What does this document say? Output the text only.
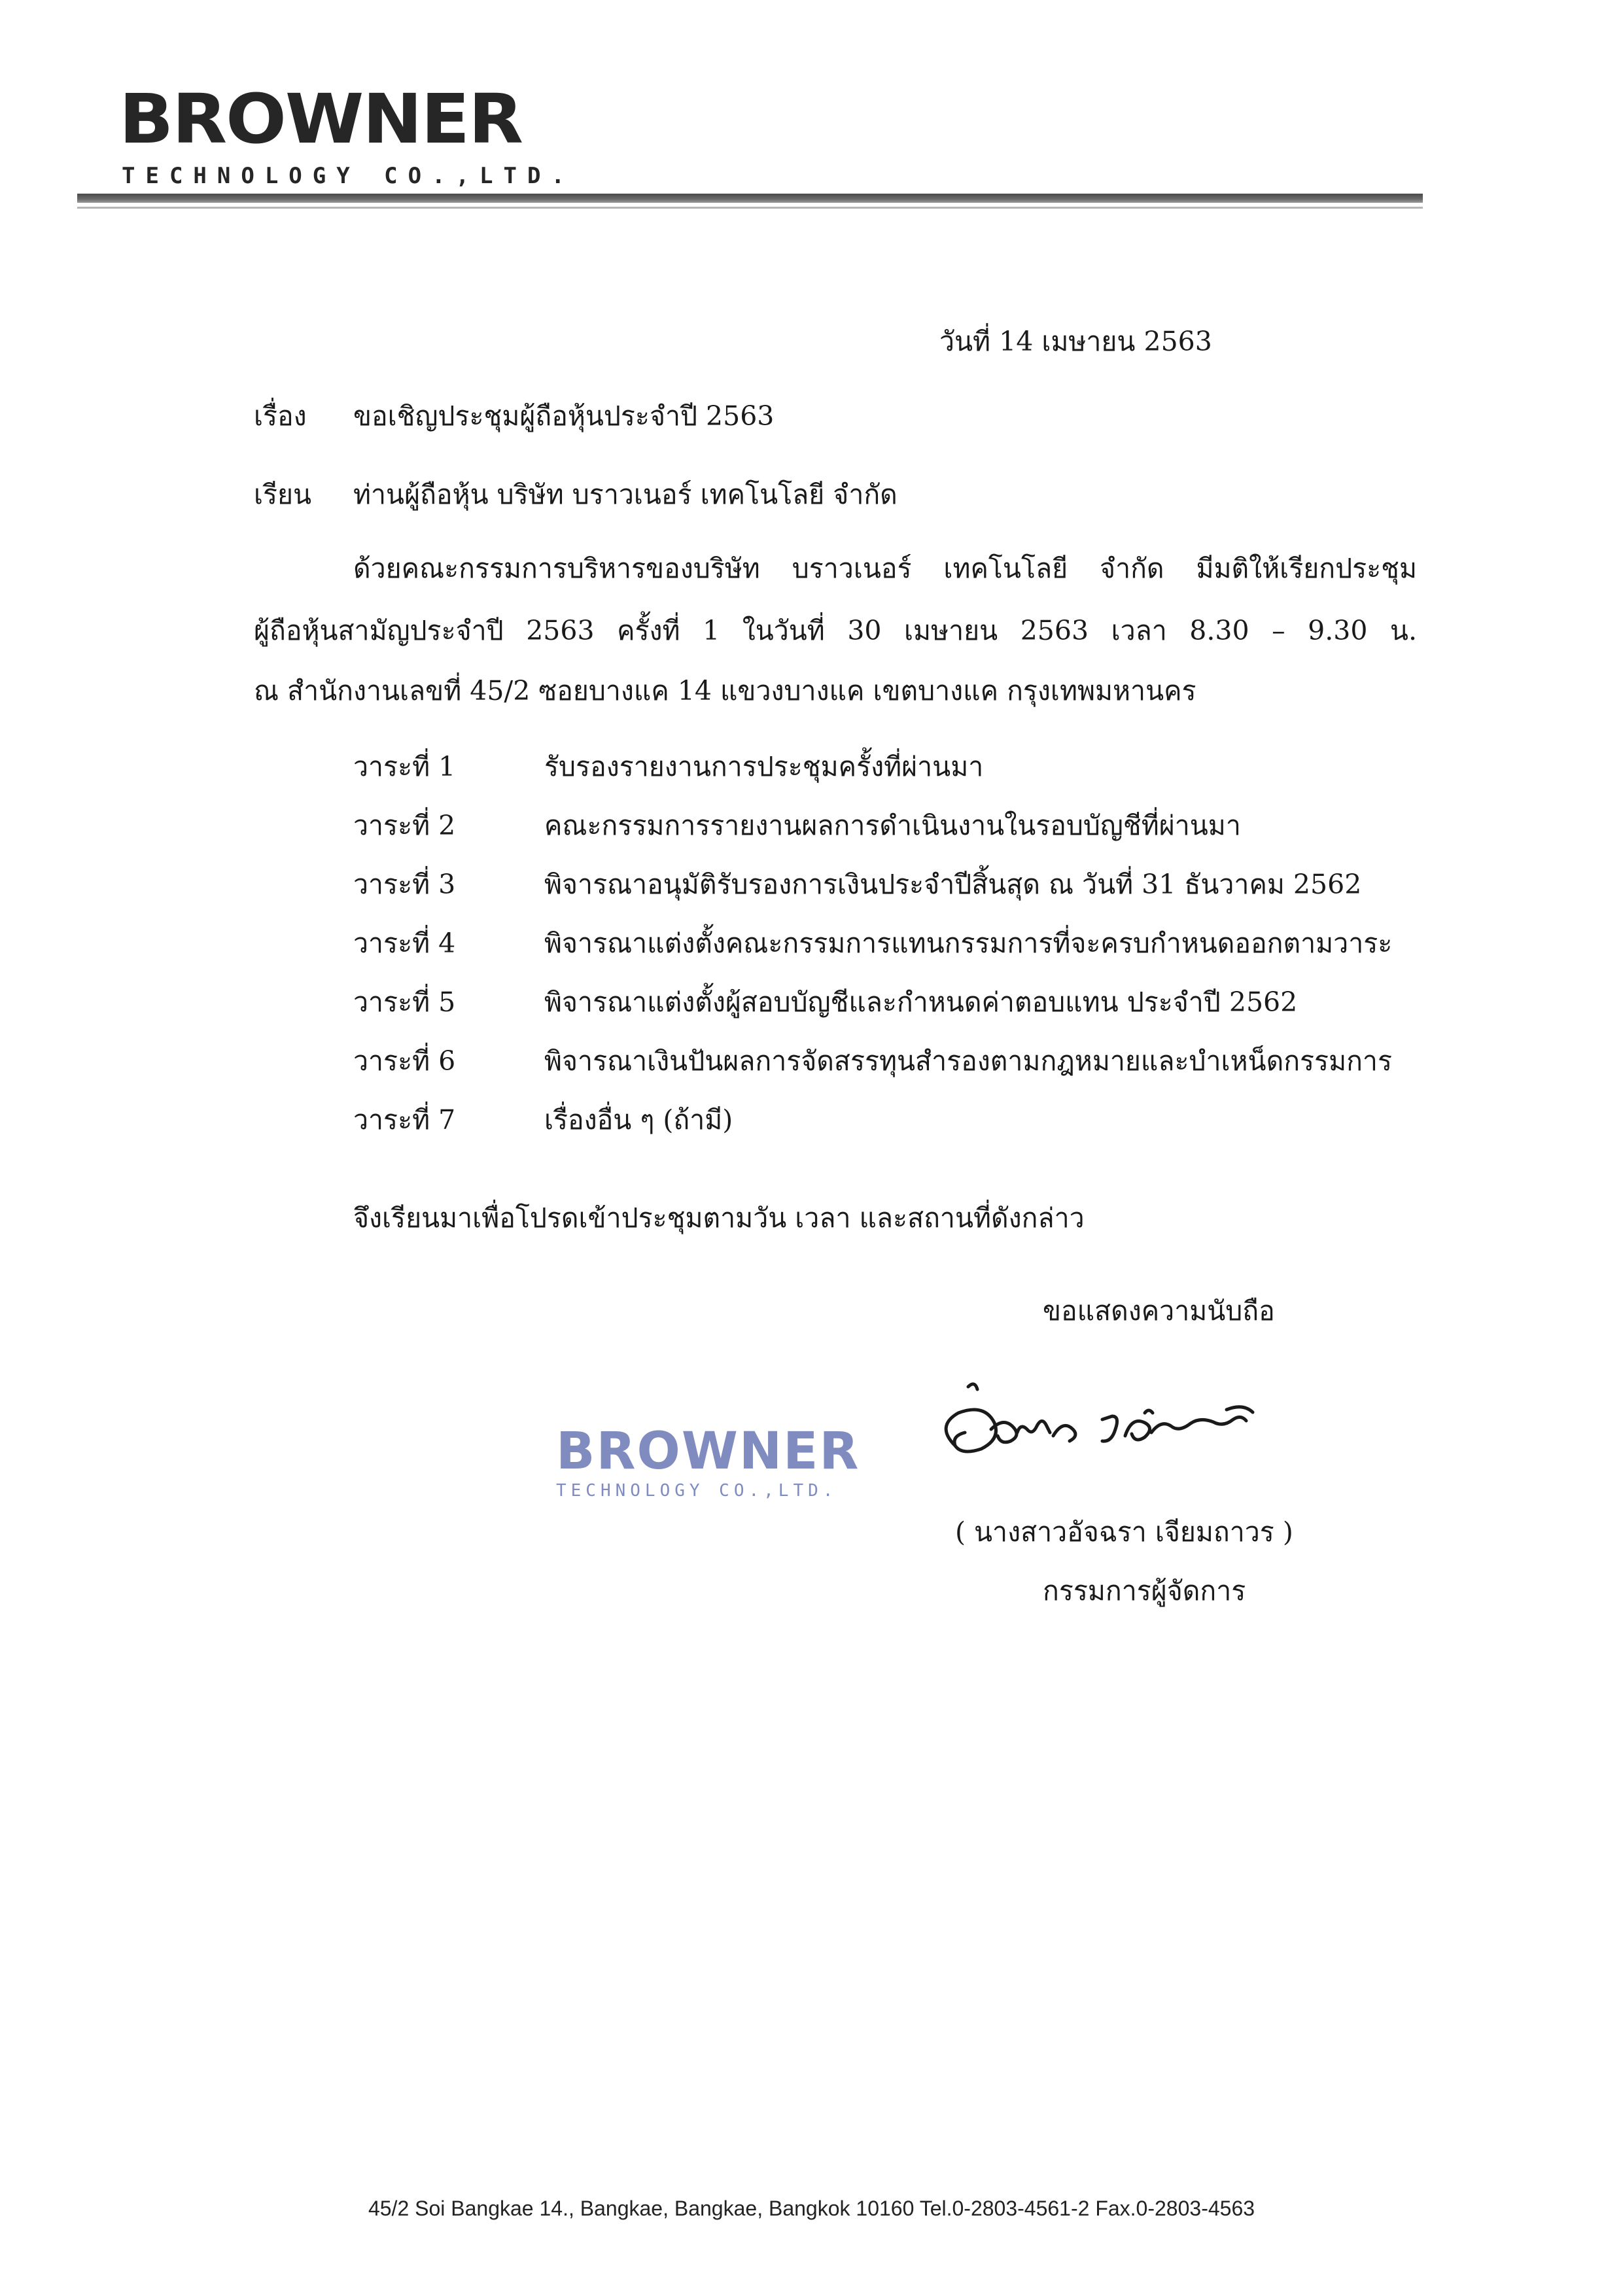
BROWNER
TECHNOLOGY CO.,LTD.
วันที่ 14 เมษายน 2563
เรื่อง ขอเชิญประชุมผู้ถือหุ้นประจำปี 2563
เรียน ท่านผู้ถือหุ้น บริษัท บราวเนอร์ เทคโนโลยี จำกัด
ด้วยคณะกรรมการบริหารของบริษัท บราวเนอร์ เทคโนโลยี จำกัด มีมติให้เรียกประชุม
ผู้ถือหุ้นสามัญประจำปี 2563 ครั้งที่ 1 ในวันที่ 30 เมษายน 2563 เวลา 8.30 – 9.30 น.
ณ สำนักงานเลขที่ 45/2 ซอยบางแค 14 แขวงบางแค เขตบางแค กรุงเทพมหานคร
วาระที่ 1	รับรองรายงานการประชุมครั้งที่ผ่านมา
วาระที่ 2	คณะกรรมการรายงานผลการดำเนินงานในรอบบัญชีที่ผ่านมา
วาระที่ 3	พิจารณาอนุมัติรับรองการเงินประจำปีสิ้นสุด ณ วันที่ 31 ธันวาคม 2562
วาระที่ 4	พิจารณาแต่งตั้งคณะกรรมการแทนกรรมการที่จะครบกำหนดออกตามวาระ
วาระที่ 5	พิจารณาแต่งตั้งผู้สอบบัญชีและกำหนดค่าตอบแทน ประจำปี 2562
วาระที่ 6	พิจารณาเงินปันผลการจัดสรรทุนสำรองตามกฎหมายและบำเหน็ดกรรมการ
วาระที่ 7	เรื่องอื่น ๆ (ถ้ามี)
จึงเรียนมาเพื่อโปรดเข้าประชุมตามวัน เวลา และสถานที่ดังกล่าว
ขอแสดงความนับถือ
BROWNER
TECHNOLOGY CO.,LTD.
( นางสาวอัจฉรา เจียมถาวร )
กรรมการผู้จัดการ
45/2 Soi Bangkae 14., Bangkae, Bangkae, Bangkok 10160 Tel.0-2803-4561-2 Fax.0-2803-4563
